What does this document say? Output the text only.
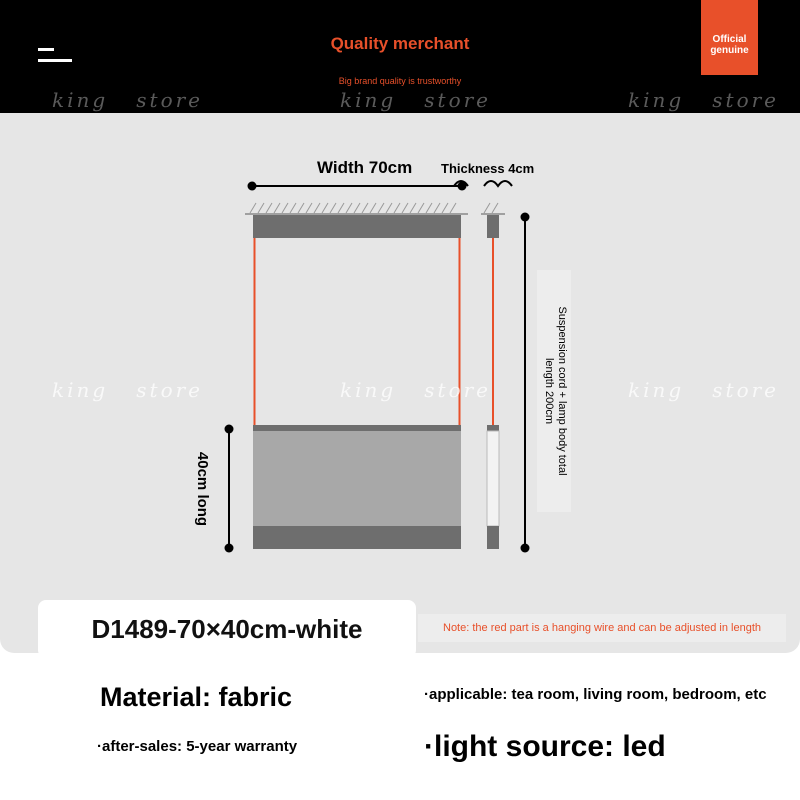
Quality merchant
Big brand quality is trustworthy
Official
genuine
king store	king store	king store
Width 70cm Thickness 4cm
Suspension cord + lamp body total
length 200cm
40cm long
king store	king store	king store
D1489-70×40cm-white	Note: the red part is a hanging wire and can be adjusted in length
Material: fabric
·after-sales: 5-year warranty
·applicable: tea room, living room, bedroom, etc
·light source: led
